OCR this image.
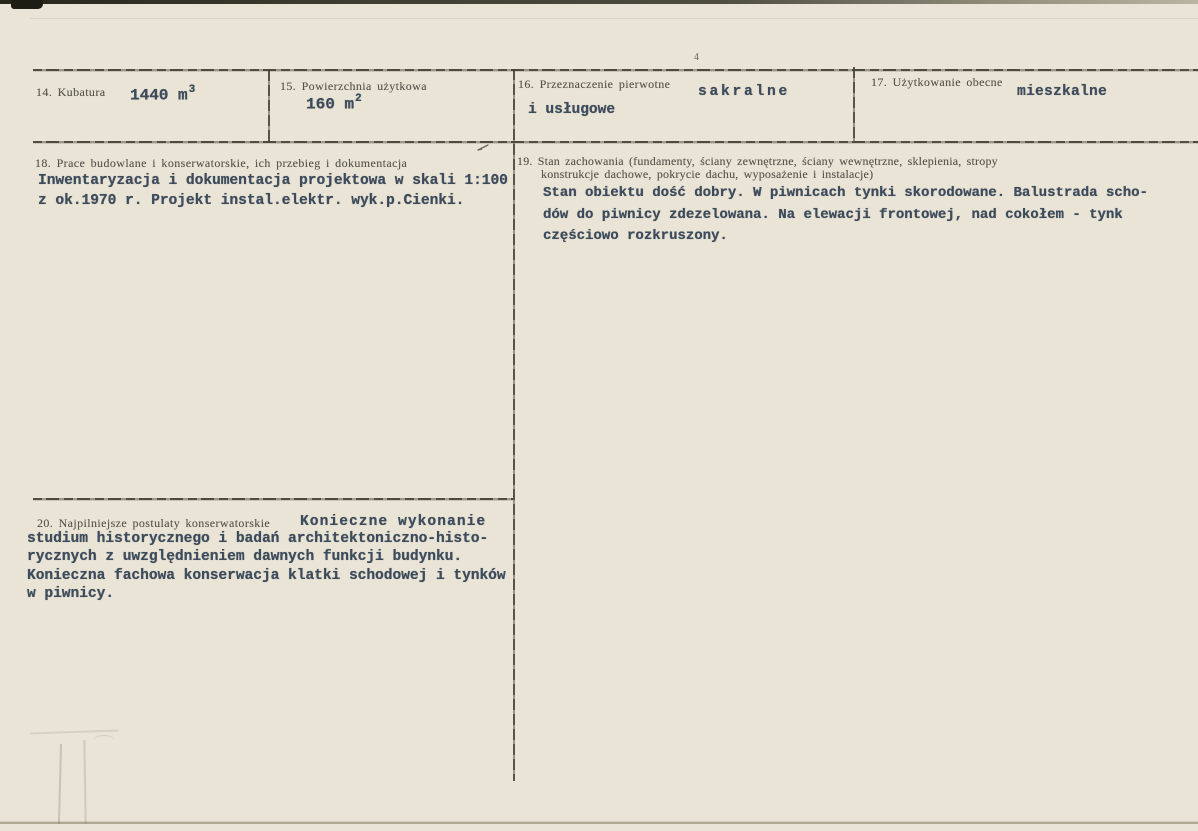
14. Kubatura 1440 $m^3$	15. Powierzchnia użytkowa
160 $m^2$
16. Przeznaczenie pierwotne sakralne
i usługowe
17. Użytkowanie obecne
mieszkalne
18. Prace budowlane i konserwatorskie, ich przebieg i dokumentacja
Inwentaryzacja i dokumentacja projektowa w skali 1:100
z ok.1970 r. Projekt instal.elektr. wyk.p.Cienki.
19. Stan zachowania (fundamenty, ściany zewnętrzne, ściany wewnętrzne, sklepienia, stropy
konstrukcje dachowe, pokrycie dachu, wyposażenie i instalacje)
Stan obiektu dość dobry. W piwnicach tynki skorodowane. Balustrada scho-
dów do piwnicy zdezelowana. Na elewacji frontowej, nad cokołem - tynk
częściowo rozkruszony.
20. Najpilniejsze postulaty konserwatorskie Konieczne wykonanie
studium historycznego i badań architektoniczno-histo-
rycznych z uwzględnieniem dawnych funkcji budynku.
Konieczna fachowa konserwacja klatki schodowej i tynków
w piwnicy.
4
